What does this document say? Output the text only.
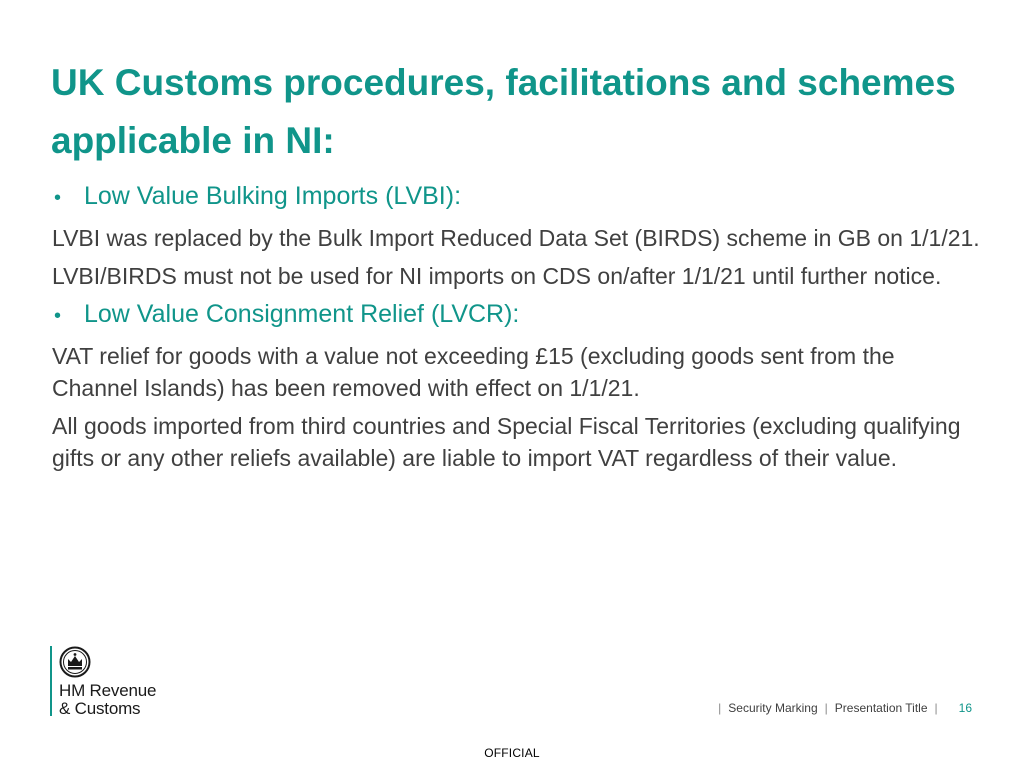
UK Customs procedures, facilitations and schemes applicable in NI:
• Low Value Bulking Imports (LVBI):

LVBI was replaced by the Bulk Import Reduced Data Set (BIRDS) scheme in GB on 1/1/21.

LVBI/BIRDS must not be used for NI imports on CDS on/after 1/1/21 until further notice.

• Low Value Consignment Relief (LVCR):

VAT relief for goods with a value not exceeding £15 (excluding goods sent from the Channel Islands) has been removed with effect on 1/1/21.

All goods imported from third countries and Special Fiscal Territories (excluding qualifying gifts or any other reliefs available) are liable to import VAT regardless of their value.

HM Revenue
& Customs	| Security Marking | Presentation Title |	16
OFFICIAL
